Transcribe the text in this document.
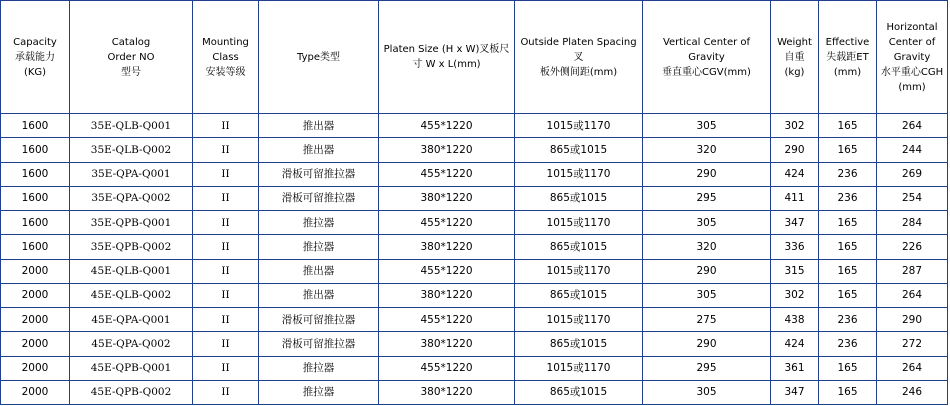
Capacity
承载能力
(KG)	Catalog
Order NO
型号	Mounting
Class
安装等级	Type类型	Platen Size (H x W)叉板尺
寸 W x L(mm)	Outside Platen Spacing叉
板外侧间距(mm)	Vertical Center of Gravity
垂直重心CGV(mm)	Weight
自重
(kg)	Effective
失载距ET
(mm)	Horizontal
Center of
Gravity
水平重心CGH
(mm)
1600	35E-QLB-Q001	II	推出器	455*1220	1015或1170	305	302	165	264
1600	35E-QLB-Q002	II	推出器	380*1220	865或1015	320	290	165	244
1600	35E-QPA-Q001	II	滑板可留推拉器	455*1220	1015或1170	290	424	236	269
1600	35E-QPA-Q002	II	滑板可留推拉器	380*1220	865或1015	295	411	236	254
1600	35E-QPB-Q001	II	推拉器	455*1220	1015或1170	305	347	165	284
1600	35E-QPB-Q002	II	推拉器	380*1220	865或1015	320	336	165	226
2000	45E-QLB-Q001	II	推出器	455*1220	1015或1170	290	315	165	287
2000	45E-QLB-Q002	II	推出器	380*1220	865或1015	305	302	165	264
2000	45E-QPA-Q001	II	滑板可留推拉器	455*1220	1015或1170	275	438	236	290
2000	45E-QPA-Q002	II	滑板可留推拉器	380*1220	865或1015	290	424	236	272
2000	45E-QPB-Q001	II	推拉器	455*1220	1015或1170	295	361	165	264
2000	45E-QPB-Q002	II	推拉器	380*1220	865或1015	305	347	165	246
